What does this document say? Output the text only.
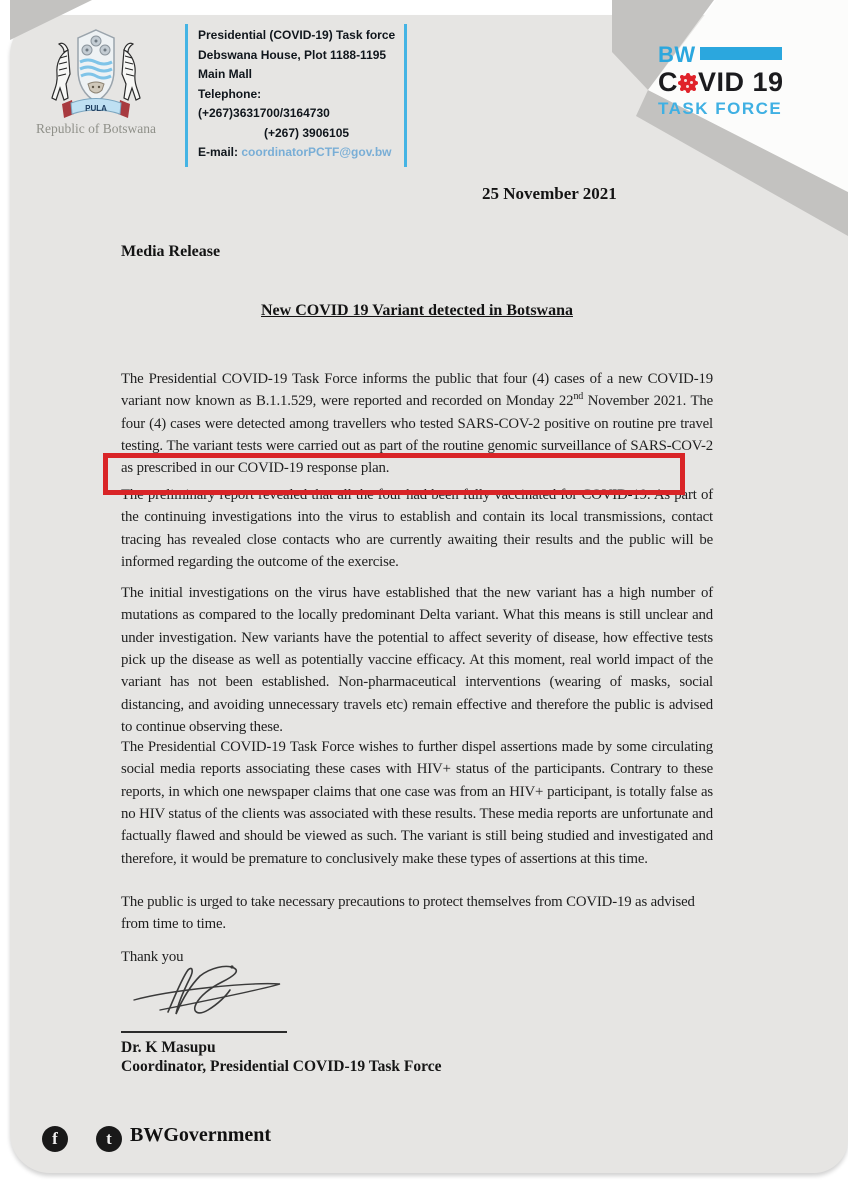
PULA
Republic of Botswana
Presidential (COVID-19) Task force
Debswana House, Plot 1188-1195
Main Mall
Telephone: (+267)3631700/3164730
(+267) 3906105
E-mail: coordinatorPCTF@gov.bw
BW
C VID 19
TASK FORCE
25 November 2021
Media Release
New COVID 19 Variant detected in Botswana

The Presidential COVID-19 Task Force informs the public that four (4) cases of a new COVID-19 variant now known as B.1.1.529, were reported and recorded on Monday 22nd November 2021. The four (4) cases were detected among travellers who tested SARS-COV-2 positive on routine pre travel testing. The variant tests were carried out as part of the routine genomic surveillance of SARS-COV-2 as prescribed in our COVID-19 response plan.

The preliminary report revealed that all the four had been fully vaccinated for COVID-19. As part of the continuing investigations into the virus to establish and contain its local transmissions, contact tracing has revealed close contacts who are currently awaiting their results and the public will be informed regarding the outcome of the exercise.

The initial investigations on the virus have established that the new variant has a high number of mutations as compared to the locally predominant Delta variant. What this means is still unclear and under investigation. New variants have the potential to affect severity of disease, how effective tests pick up the disease as well as potentially vaccine efficacy. At this moment, real world impact of the variant has not been established. Non-pharmaceutical interventions (wearing of masks, social distancing, and avoiding unnecessary travels etc) remain effective and therefore the public is advised to continue observing these.

The Presidential COVID-19 Task Force wishes to further dispel assertions made by some circulating social media reports associating these cases with HIV+ status of the participants. Contrary to these reports, in which one newspaper claims that one case was from an HIV+ participant, is totally false as no HIV status of the clients was associated with these results. These media reports are unfortunate and factually flawed and should be viewed as such. The variant is still being studied and investigated and therefore, it would be premature to conclusively make these types of assertions at this time.

The public is urged to take necessary precautions to protect themselves from COVID-19 as advised from time to time.

Thank you

Dr. K Masupu
Coordinator, Presidential COVID-19 Task Force
f	t BWGovernment
